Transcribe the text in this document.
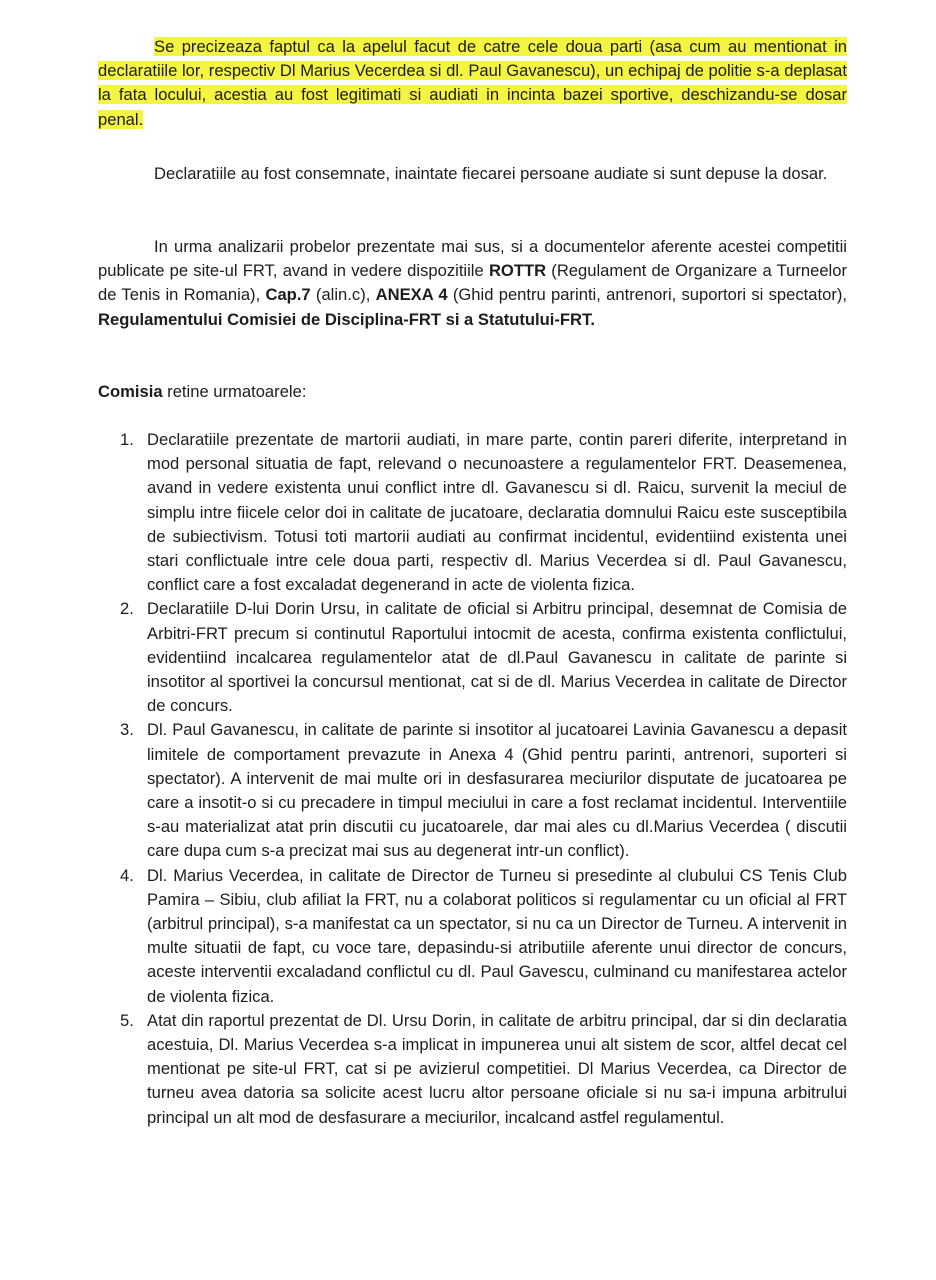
Se precizeaza faptul ca la apelul facut de catre cele doua parti (asa cum au mentionat in declaratiile lor, respectiv Dl Marius Vecerdea si dl. Paul Gavanescu), un echipaj de politie s-a deplasat la fata locului, acestia au fost legitimati si audiati in incinta bazei sportive, deschizandu-se dosar penal.

Declaratiile au fost consemnate, inaintate fiecarei persoane audiate si sunt depuse la dosar.

In urma analizarii probelor prezentate mai sus, si a documentelor aferente acestei competitii publicate pe site-ul FRT, avand in vedere dispozitiile ROTTR (Regulament de Organizare a Turneelor de Tenis in Romania), Cap.7 (alin.c), ANEXA 4 (Ghid pentru parinti, antrenori, suportori si spectator), Regulamentului Comisiei de Disciplina-FRT si a Statutului-FRT.

Comisia retine urmatoarele:

1. Declaratiile prezentate de martorii audiati, in mare parte, contin pareri diferite, interpretand in mod personal situatia de fapt, relevand o necunoastere a regulamentelor FRT. Deasemenea, avand in vedere existenta unui conflict intre dl. Gavanescu si dl. Raicu, survenit la meciul de simplu intre fiicele celor doi in calitate de jucatoare, declaratia domnului Raicu este susceptibila de subiectivism. Totusi toti martorii audiati au confirmat incidentul, evidentiind existenta unei stari conflictuale intre cele doua parti, respectiv dl. Marius Vecerdea si dl. Paul Gavanescu, conflict care a fost excaladat degenerand in acte de violenta fizica.
2. Declaratiile D-lui Dorin Ursu, in calitate de oficial si Arbitru principal, desemnat de Comisia de Arbitri-FRT precum si continutul Raportului intocmit de acesta, confirma existenta conflictului, evidentiind incalcarea regulamentelor atat de dl.Paul Gavanescu in calitate de parinte si insotitor al sportivei la concursul mentionat, cat si de dl. Marius Vecerdea in calitate de Director de concurs.
3. Dl. Paul Gavanescu, in calitate de parinte si insotitor al jucatoarei Lavinia Gavanescu a depasit limitele de comportament prevazute in Anexa 4 (Ghid pentru parinti, antrenori, suporteri si spectator). A intervenit de mai multe ori in desfasurarea meciurilor disputate de jucatoarea pe care a insotit-o si cu precadere in timpul meciului in care a fost reclamat incidentul. Interventiile s-au materializat atat prin discutii cu jucatoarele, dar mai ales cu dl.Marius Vecerdea ( discutii care dupa cum s-a precizat mai sus au degenerat intr-un conflict).
4. Dl. Marius Vecerdea, in calitate de Director de Turneu si presedinte al clubului CS Tenis Club Pamira – Sibiu, club afiliat la FRT, nu a colaborat politicos si regulamentar cu un oficial al FRT (arbitrul principal), s-a manifestat ca un spectator, si nu ca un Director de Turneu. A intervenit in multe situatii de fapt, cu voce tare, depasindu-si atributiile aferente unui director de concurs, aceste interventii excaladand conflictul cu dl. Paul Gavescu, culminand cu manifestarea actelor de violenta fizica.
5. Atat din raportul prezentat de Dl. Ursu Dorin, in calitate de arbitru principal, dar si din declaratia acestuia, Dl. Marius Vecerdea s-a implicat in impunerea unui alt sistem de scor, altfel decat cel mentionat pe site-ul FRT, cat si pe avizierul competitiei. Dl Marius Vecerdea, ca Director de turneu avea datoria sa solicite acest lucru altor persoane oficiale si nu sa-i impuna arbitrului principal un alt mod de desfasurare a meciurilor, incalcand astfel regulamentul.
